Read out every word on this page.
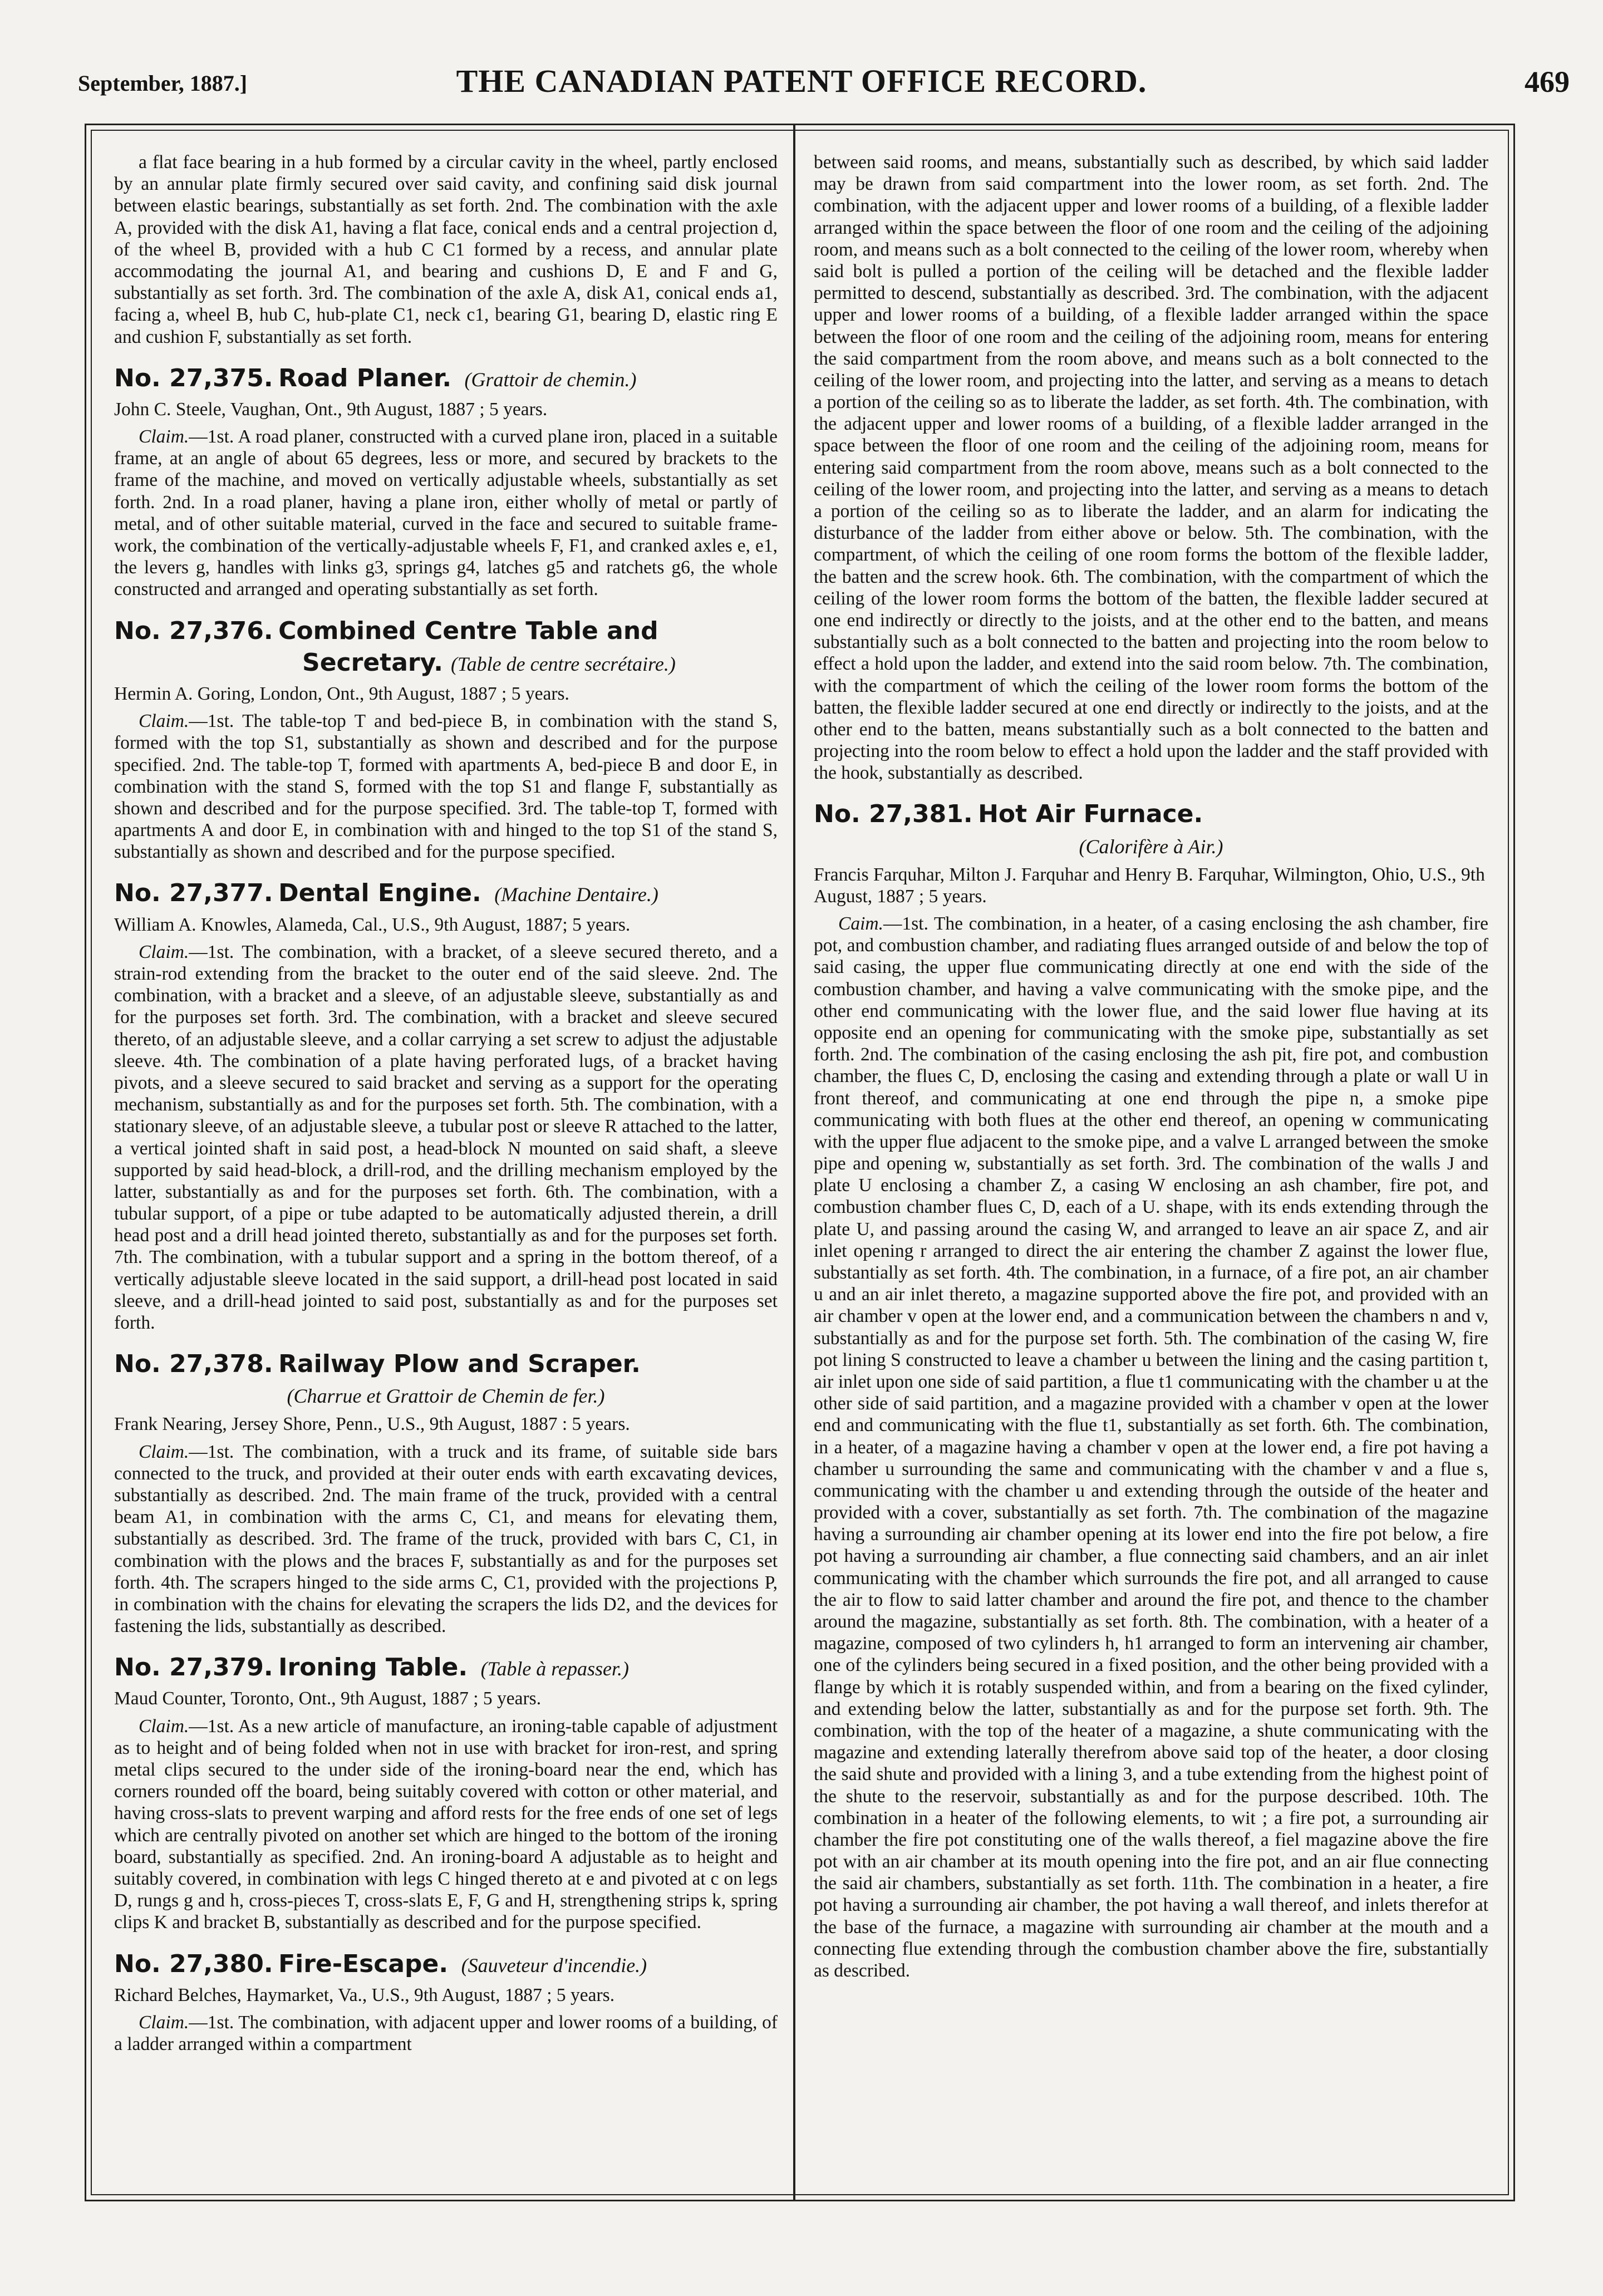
September, 1887.]	THE CANADIAN PATENT OFFICE RECORD.	469

a flat face bearing in a hub formed by a circular cavity in the wheel, partly enclosed by an annular plate firmly secured over said cavity, and confining said disk journal between elastic bearings, substantially as set forth. 2nd. The combination with the axle A, provided with the disk A1, having a flat face, conical ends and a central projection d, of the wheel B, provided with a hub C C1 formed by a recess, and annular plate accommodating the journal A1, and bearing and cushions D, E and F and G, substantially as set forth. 3rd. The combination of the axle A, disk A1, conical ends a1, facing a, wheel B, hub C, hub-plate C1, neck c1, bearing G1, bearing D, elastic ring E and cushion F, substantially as set forth.

No. 27,375. Road Planer. (Grattoir de chemin.)

John C. Steele, Vaughan, Ont., 9th August, 1887 ; 5 years.

Claim.—1st. A road planer, constructed with a curved plane iron, placed in a suitable frame, at an angle of about 65 degrees, less or more, and secured by brackets to the frame of the machine, and moved on vertically adjustable wheels, substantially as set forth. 2nd. In a road planer, having a plane iron, either wholly of metal or partly of metal, and of other suitable material, curved in the face and secured to suitable frame-work, the combination of the vertically-adjustable wheels F, F1, and cranked axles e, e1, the levers g, handles with links g3, springs g4, latches g5 and ratchets g6, the whole constructed and arranged and operating substantially as set forth.

No. 27,376. Combined Centre Table and
Secretary. (Table de centre secrétaire.)

Hermin A. Goring, London, Ont., 9th August, 1887 ; 5 years.

Claim.—1st. The table-top T and bed-piece B, in combination with the stand S, formed with the top S1, substantially as shown and described and for the purpose specified. 2nd. The table-top T, formed with apartments A, bed-piece B and door E, in combination with the stand S, formed with the top S1 and flange F, substantially as shown and described and for the purpose specified. 3rd. The table-top T, formed with apartments A and door E, in combination with and hinged to the top S1 of the stand S, substantially as shown and described and for the purpose specified.

No. 27,377. Dental Engine. (Machine Dentaire.)

William A. Knowles, Alameda, Cal., U.S., 9th August, 1887; 5 years.

Claim.—1st. The combination, with a bracket, of a sleeve secured thereto, and a strain-rod extending from the bracket to the outer end of the said sleeve. 2nd. The combination, with a bracket and a sleeve, of an adjustable sleeve, substantially as and for the purposes set forth. 3rd. The combination, with a bracket and sleeve secured thereto, of an adjustable sleeve, and a collar carrying a set screw to adjust the adjustable sleeve. 4th. The combination of a plate having perforated lugs, of a bracket having pivots, and a sleeve secured to said bracket and serving as a support for the operating mechanism, substantially as and for the purposes set forth. 5th. The combination, with a stationary sleeve, of an adjustable sleeve, a tubular post or sleeve R attached to the latter, a vertical jointed shaft in said post, a head-block N mounted on said shaft, a sleeve supported by said head-block, a drill-rod, and the drilling mechanism employed by the latter, substantially as and for the purposes set forth. 6th. The combination, with a tubular support, of a pipe or tube adapted to be automatically adjusted therein, a drill head post and a drill head jointed thereto, substantially as and for the purposes set forth. 7th. The combination, with a tubular support and a spring in the bottom thereof, of a vertically adjustable sleeve located in the said support, a drill-head post located in said sleeve, and a drill-head jointed to said post, substantially as and for the purposes set forth.

No. 27,378. Railway Plow and Scraper.
(Charrue et Grattoir de Chemin de fer.)

Frank Nearing, Jersey Shore, Penn., U.S., 9th August, 1887 : 5 years.

Claim.—1st. The combination, with a truck and its frame, of suitable side bars connected to the truck, and provided at their outer ends with earth excavating devices, substantially as described. 2nd. The main frame of the truck, provided with a central beam A1, in combination with the arms C, C1, and means for elevating them, substantially as described. 3rd. The frame of the truck, provided with bars C, C1, in combination with the plows and the braces F, substantially as and for the purposes set forth. 4th. The scrapers hinged to the side arms C, C1, provided with the projections P, in combination with the chains for elevating the scrapers the lids D2, and the devices for fastening the lids, substantially as described.

No. 27,379. Ironing Table. (Table à repasser.)

Maud Counter, Toronto, Ont., 9th August, 1887 ; 5 years.

Claim.—1st. As a new article of manufacture, an ironing-table capable of adjustment as to height and of being folded when not in use with bracket for iron-rest, and spring metal clips secured to the under side of the ironing-board near the end, which has corners rounded off the board, being suitably covered with cotton or other material, and having cross-slats to prevent warping and afford rests for the free ends of one set of legs which are centrally pivoted on another set which are hinged to the bottom of the ironing board, substantially as specified. 2nd. An ironing-board A adjustable as to height and suitably covered, in combination with legs C hinged thereto at e and pivoted at c on legs D, rungs g and h, cross-pieces T, cross-slats E, F, G and H, strengthening strips k, spring clips K and bracket B, substantially as described and for the purpose specified.

No. 27,380. Fire-Escape. (Sauveteur d'incendie.)

Richard Belches, Haymarket, Va., U.S., 9th August, 1887 ; 5 years.

Claim.—1st. The combination, with adjacent upper and lower rooms of a building, of a ladder arranged within a compartment

between said rooms, and means, substantially such as described, by which said ladder may be drawn from said compartment into the lower room, as set forth. 2nd. The combination, with the adjacent upper and lower rooms of a building, of a flexible ladder arranged within the space between the floor of one room and the ceiling of the adjoining room, and means such as a bolt connected to the ceiling of the lower room, whereby when said bolt is pulled a portion of the ceiling will be detached and the flexible ladder permitted to descend, substantially as described. 3rd. The combination, with the adjacent upper and lower rooms of a building, of a flexible ladder arranged within the space between the floor of one room and the ceiling of the adjoining room, means for entering the said compartment from the room above, and means such as a bolt connected to the ceiling of the lower room, and projecting into the latter, and serving as a means to detach a portion of the ceiling so as to liberate the ladder, as set forth. 4th. The combination, with the adjacent upper and lower rooms of a building, of a flexible ladder arranged in the space between the floor of one room and the ceiling of the adjoining room, means for entering said compartment from the room above, means such as a bolt connected to the ceiling of the lower room, and projecting into the latter, and serving as a means to detach a portion of the ceiling so as to liberate the ladder, and an alarm for indicating the disturbance of the ladder from either above or below. 5th. The combination, with the compartment, of which the ceiling of one room forms the bottom of the flexible ladder, the batten and the screw hook. 6th. The combination, with the compartment of which the ceiling of the lower room forms the bottom of the batten, the flexible ladder secured at one end indirectly or directly to the joists, and at the other end to the batten, and means substantially such as a bolt connected to the batten and projecting into the room below to effect a hold upon the ladder, and extend into the said room below. 7th. The combination, with the compartment of which the ceiling of the lower room forms the bottom of the batten, the flexible ladder secured at one end directly or indirectly to the joists, and at the other end to the batten, means substantially such as a bolt connected to the batten and projecting into the room below to effect a hold upon the ladder and the staff provided with the hook, substantially as described.

No. 27,381. Hot Air Furnace.
(Calorifère à Air.)

Francis Farquhar, Milton J. Farquhar and Henry B. Farquhar, Wilmington, Ohio, U.S., 9th August, 1887 ; 5 years.

Caim.—1st. The combination, in a heater, of a casing enclosing the ash chamber, fire pot, and combustion chamber, and radiating flues arranged outside of and below the top of said casing, the upper flue communicating directly at one end with the side of the combustion chamber, and having a valve communicating with the smoke pipe, and the other end communicating with the lower flue, and the said lower flue having at its opposite end an opening for communicating with the smoke pipe, substantially as set forth. 2nd. The combination of the casing enclosing the ash pit, fire pot, and combustion chamber, the flues C, D, enclosing the casing and extending through a plate or wall U in front thereof, and communicating at one end through the pipe n, a smoke pipe communicating with both flues at the other end thereof, an opening w communicating with the upper flue adjacent to the smoke pipe, and a valve L arranged between the smoke pipe and opening w, substantially as set forth. 3rd. The combination of the walls J and plate U enclosing a chamber Z, a casing W enclosing an ash chamber, fire pot, and combustion chamber flues C, D, each of a U. shape, with its ends extending through the plate U, and passing around the casing W, and arranged to leave an air space Z, and air inlet opening r arranged to direct the air entering the chamber Z against the lower flue, substantially as set forth. 4th. The combination, in a furnace, of a fire pot, an air chamber u and an air inlet thereto, a magazine supported above the fire pot, and provided with an air chamber v open at the lower end, and a communication between the chambers n and v, substantially as and for the purpose set forth. 5th. The combination of the casing W, fire pot lining S constructed to leave a chamber u between the lining and the casing partition t, air inlet upon one side of said partition, a flue t1 communicating with the chamber u at the other side of said partition, and a magazine provided with a chamber v open at the lower end and communicating with the flue t1, substantially as set forth. 6th. The combination, in a heater, of a magazine having a chamber v open at the lower end, a fire pot having a chamber u surrounding the same and communicating with the chamber v and a flue s, communicating with the chamber u and extending through the outside of the heater and provided with a cover, substantially as set forth. 7th. The combination of the magazine having a surrounding air chamber opening at its lower end into the fire pot below, a fire pot having a surrounding air chamber, a flue connecting said chambers, and an air inlet communicating with the chamber which surrounds the fire pot, and all arranged to cause the air to flow to said latter chamber and around the fire pot, and thence to the chamber around the magazine, substantially as set forth. 8th. The combination, with a heater of a magazine, composed of two cylinders h, h1 arranged to form an intervening air chamber, one of the cylinders being secured in a fixed position, and the other being provided with a flange by which it is rotably suspended within, and from a bearing on the fixed cylinder, and extending below the latter, substantially as and for the purpose set forth. 9th. The combination, with the top of the heater of a magazine, a shute communicating with the magazine and extending laterally therefrom above said top of the heater, a door closing the said shute and provided with a lining 3, and a tube extending from the highest point of the shute to the reservoir, substantially as and for the purpose described. 10th. The combination in a heater of the following elements, to wit ; a fire pot, a surrounding air chamber the fire pot constituting one of the walls thereof, a fiel magazine above the fire pot with an air chamber at its mouth opening into the fire pot, and an air flue connecting the said air chambers, substantially as set forth. 11th. The combination in a heater, a fire pot having a surrounding air chamber, the pot having a wall thereof, and inlets therefor at the base of the furnace, a magazine with surrounding air chamber at the mouth and a connecting flue extending through the combustion chamber above the fire, substantially as described.
